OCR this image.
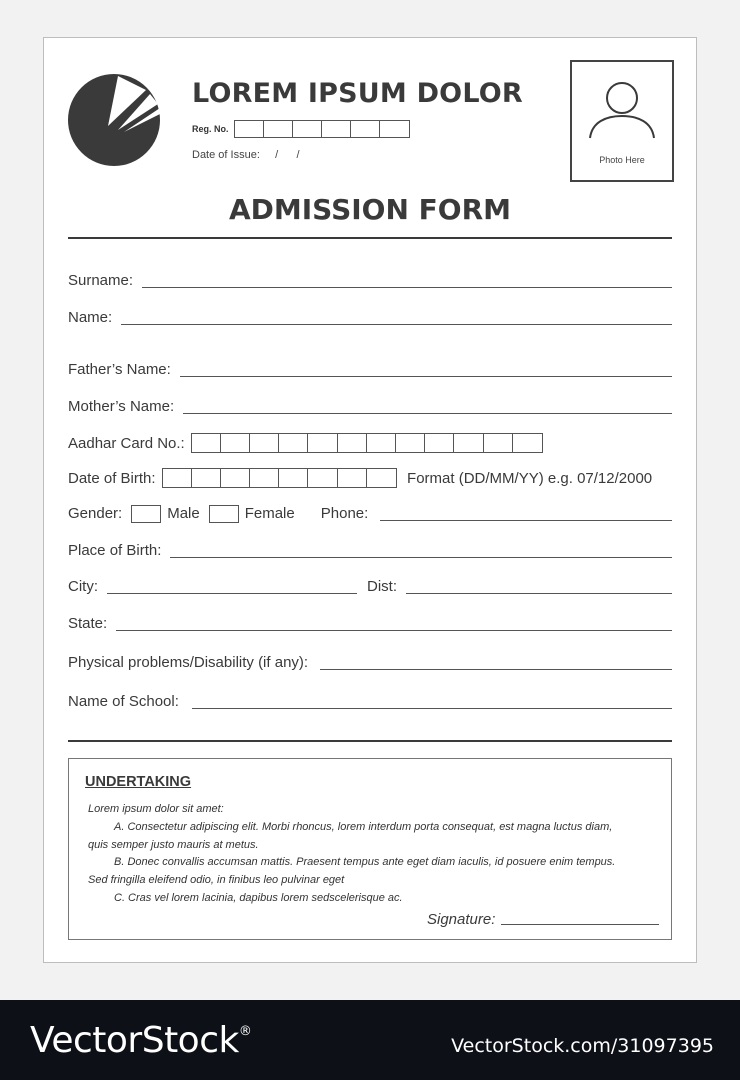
LOREM IPSUM DOLOR
Reg. No.
Date of Issue:     /      /	Photo Here
ADMISSION FORM
Surname:
Name:
Father’s Name:
Mother’s Name:
Aadhar Card No.:
Date of Birth:	Format (DD/MM/YY) e.g. 07/12/2000
Gender:	Male	Female Phone:
Place of Birth:
City:	Dist:
State:
Physical problems/Disability (if any):
Name of School:
UNDERTAKING
Lorem ipsum dolor sit amet:
A. Consectetur adipiscing elit. Morbi rhoncus, lorem interdum porta consequat, est magna luctus diam,
quis semper justo mauris at metus.
B. Donec convallis accumsan mattis. Praesent tempus ante eget diam iaculis, id posuere enim tempus.
Sed fringilla eleifend odio, in finibus leo pulvinar eget
C. Cras vel lorem lacinia, dapibus lorem sedscelerisque ac.
Signature:
VectorStock®
VectorStock.com/31097395
